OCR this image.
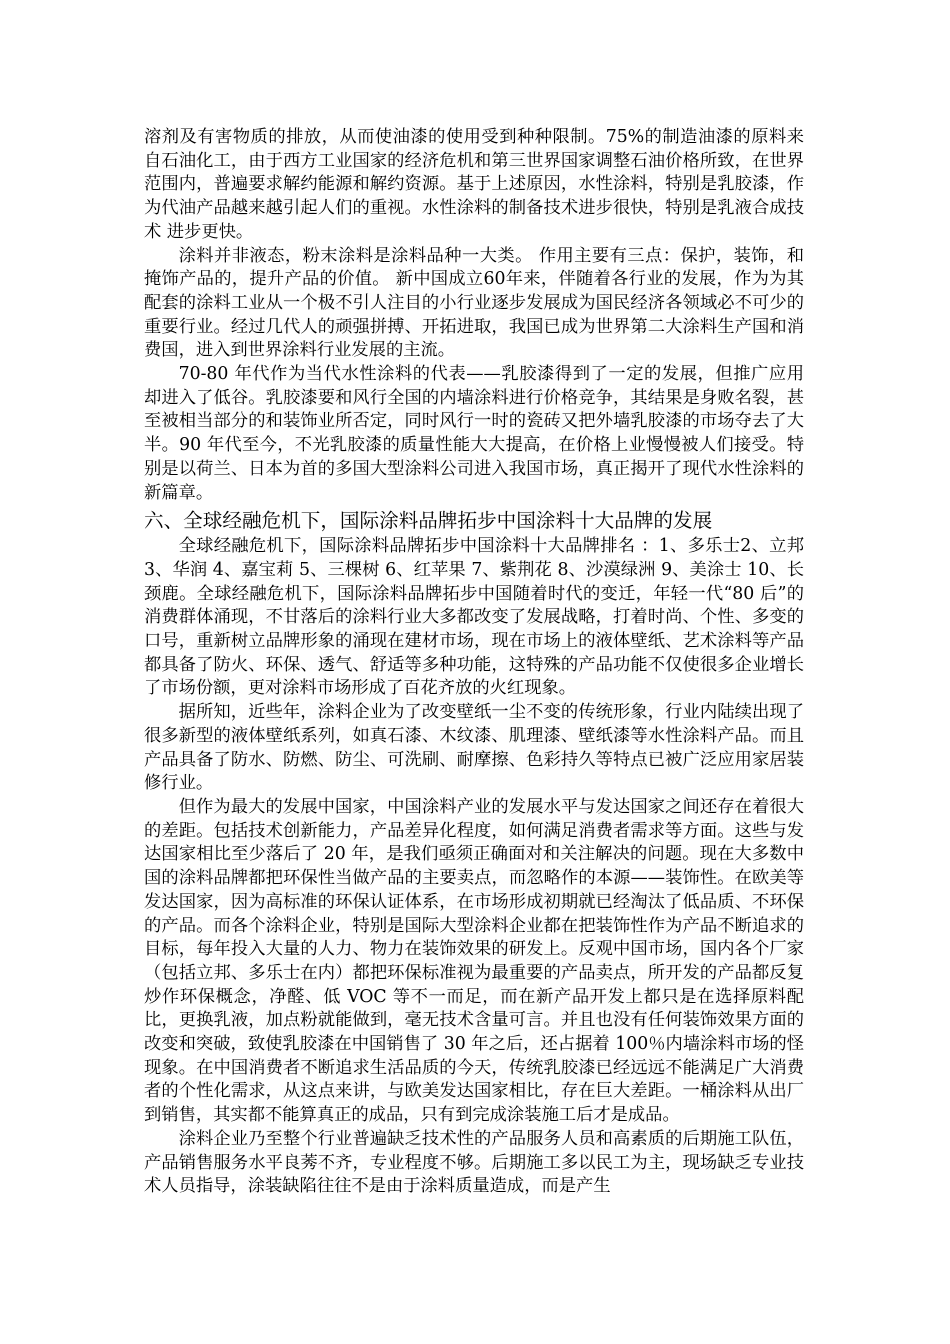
溶剂及有害物质的排放，从而使油漆的使用受到种种限制。75%的制造油漆的原料来自石油化工，由于西方工业国家的经济危机和第三世界国家调整石油价格所致，在世界范围内，普遍要求解约能源和解约资源。基于上述原因，水性涂料，特别是乳胶漆，作为代油产品越来越引起人们的重视。水性涂料的制备技术进步很快，特别是乳液合成技术 进步更快。

涂料并非液态，粉末涂料是涂料品种一大类。 作用主要有三点：保护，装饰，和掩饰产品的，提升产品的价值。 新中国成立60年来，伴随着各行业的发展，作为为其配套的涂料工业从一个极不引人注目的小行业逐步发展成为国民经济各领域必不可少的重要行业。经过几代人的顽强拼搏、开拓进取，我国已成为世界第二大涂料生产国和消费国，进入到世界涂料行业发展的主流。

70-80 年代作为当代水性涂料的代表——乳胶漆得到了一定的发展，但推广应用却进入了低谷。乳胶漆要和风行全国的内墙涂料进行价格竞争，其结果是身败名裂，甚至被相当部分的和装饰业所否定，同时风行一时的瓷砖又把外墙乳胶漆的市场夺去了大半。90 年代至今，不光乳胶漆的质量性能大大提高，在价格上业慢慢被人们接受。特别是以荷兰、日本为首的多国大型涂料公司进入我国市场，真正揭开了现代水性涂料的新篇章。

六、全球经融危机下，国际涂料品牌拓步中国涂料十大品牌的发展

全球经融危机下，国际涂料品牌拓步中国涂料十大品牌排名 ：1、多乐士2、立邦 3、华润 4、嘉宝莉 5、三棵树 6、红苹果 7、紫荆花 8、沙漠绿洲 9、美涂士 10、长颈鹿。全球经融危机下，国际涂料品牌拓步中国随着时代的变迁，年轻一代“80 后”的消费群体涌现，不甘落后的涂料行业大多都改变了发展战略，打着时尚、个性、多变的口号，重新树立品牌形象的涌现在建材市场，现在市场上的液体壁纸、艺术涂料等产品都具备了防火、环保、透气、舒适等多种功能，这特殊的产品功能不仅使很多企业增长了市场份额，更对涂料市场形成了百花齐放的火红现象。

据所知，近些年，涂料企业为了改变壁纸一尘不变的传统形象，行业内陆续出现了很多新型的液体壁纸系列，如真石漆、木纹漆、肌理漆、壁纸漆等水性涂料产品。而且产品具备了防水、防燃、防尘、可洗刷、耐摩擦、色彩持久等特点已被广泛应用家居装修行业。

但作为最大的发展中国家，中国涂料产业的发展水平与发达国家之间还存在着很大的差距。包括技术创新能力，产品差异化程度，如何满足消费者需求等方面。这些与发达国家相比至少落后了 20 年，是我们亟须正确面对和关注解决的问题。现在大多数中国的涂料品牌都把环保性当做产品的主要卖点，而忽略作的本源——装饰性。在欧美等发达国家，因为高标准的环保认证体系，在市场形成初期就已经淘汰了低品质、不环保的产品。而各个涂料企业，特别是国际大型涂料企业都在把装饰性作为产品不断追求的目标，每年投入大量的人力、物力在装饰效果的研发上。反观中国市场，国内各个厂家（包括立邦、多乐士在内）都把环保标准视为最重要的产品卖点，所开发的产品都反复炒作环保概念，净醛、低 VOC 等不一而足，而在新产品开发上都只是在选择原料配比，更换乳液，加点粉就能做到，毫无技术含量可言。并且也没有任何装饰效果方面的改变和突破，致使乳胶漆在中国销售了 30 年之后，还占据着 100％内墙涂料市场的怪现象。在中国消费者不断追求生活品质的今天，传统乳胶漆已经远远不能满足广大消费者的个性化需求，从这点来讲，与欧美发达国家相比，存在巨大差距。一桶涂料从出厂到销售，其实都不能算真正的成品，只有到完成涂装施工后才是成品。

涂料企业乃至整个行业普遍缺乏技术性的产品服务人员和高素质的后期施工队伍，产品销售服务水平良莠不齐，专业程度不够。后期施工多以民工为主，现场缺乏专业技术人员指导，涂装缺陷往往不是由于涂料质量造成，而是产生
